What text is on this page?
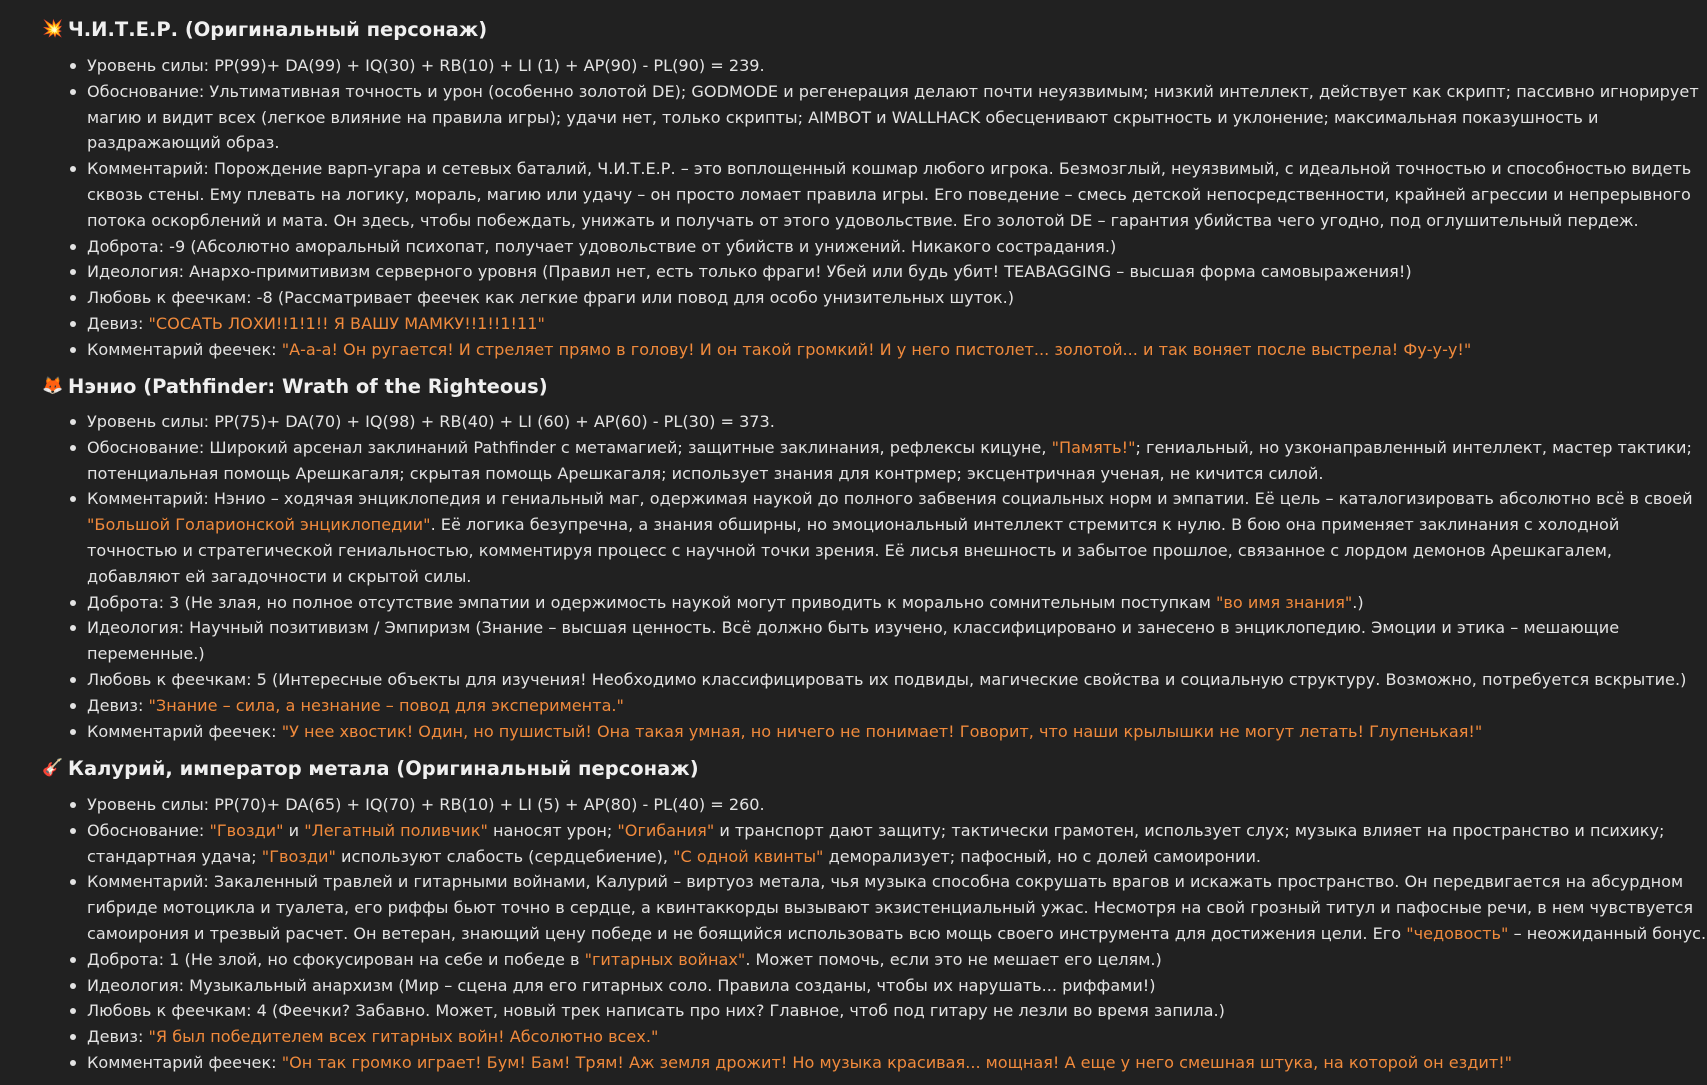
💥 Ч.И.Т.Е.Р. (Оригинальный персонаж)
Уровень силы: PP(99)+ DA(99) + IQ(30) + RB(10) + LI (1) + AP(90) - PL(90) = 239.
Обоснование: Ультимативная точность и урон (особенно золотой DE); GODMODE и регенерация делают почти неуязвимым; низкий интеллект, действует как скрипт; пассивно игнорирует магию и видит всех (легкое влияние на правила игры); удачи нет, только скрипты; AIMBOT и WALLHACK обесценивают скрытность и уклонение; максимальная показушность и раздражающий образ.
Комментарий: Порождение варп-угара и сетевых баталий, Ч.И.Т.Е.Р. – это воплощенный кошмар любого игрока. Безмозглый, неуязвимый, с идеальной точностью и способностью видеть сквозь стены. Ему плевать на логику, мораль, магию или удачу – он просто ломает правила игры. Его поведение – смесь детской непосредственности, крайней агрессии и непрерывного потока оскорблений и мата. Он здесь, чтобы побеждать, унижать и получать от этого удовольствие. Его золотой DE – гарантия убийства чего угодно, под оглушительный пердеж.
Доброта: -9 (Абсолютно аморальный психопат, получает удовольствие от убийств и унижений. Никакого сострадания.)
Идеология: Анархо-примитивизм серверного уровня (Правил нет, есть только фраги! Убей или будь убит! TEABAGGING – высшая форма самовыражения!)
Любовь к феечкам: -8 (Рассматривает феечек как легкие фраги или повод для особо унизительных шуток.)
Девиз: "СОСАТЬ ЛОХИ!!1!1!! Я ВАШУ МАМКУ!!1!!1!11"
Комментарий феечек: "А-а-а! Он ругается! И стреляет прямо в голову! И он такой громкий! И у него пистолет... золотой... и так воняет после выстрела! Фу-у-у!"
🦊 Нэнио (Pathfinder: Wrath of the Righteous)
Уровень силы: PP(75)+ DA(70) + IQ(98) + RB(40) + LI (60) + AP(60) - PL(30) = 373.
Обоснование: Широкий арсенал заклинаний Pathfinder с метамагией; защитные заклинания, рефлексы кицуне, "Память!"; гениальный, но узконаправленный интеллект, мастер тактики; потенциальная помощь Арешкагаля; скрытая помощь Арешкагаля; использует знания для контрмер; эксцентричная ученая, не кичится силой.
Комментарий: Нэнио – ходячая энциклопедия и гениальный маг, одержимая наукой до полного забвения социальных норм и эмпатии. Её цель – каталогизировать абсолютно всё в своей "Большой Голарионской энциклопедии". Её логика безупречна, а знания обширны, но эмоциональный интеллект стремится к нулю. В бою она применяет заклинания с холодной точностью и стратегической гениальностью, комментируя процесс с научной точки зрения. Её лисья внешность и забытое прошлое, связанное с лордом демонов Арешкагалем, добавляют ей загадочности и скрытой силы.
Доброта: 3 (Не злая, но полное отсутствие эмпатии и одержимость наукой могут приводить к морально сомнительным поступкам "во имя знания".)
Идеология: Научный позитивизм / Эмпиризм (Знание – высшая ценность. Всё должно быть изучено, классифицировано и занесено в энциклопедию. Эмоции и этика – мешающие переменные.)
Любовь к феечкам: 5 (Интересные объекты для изучения! Необходимо классифицировать их подвиды, магические свойства и социальную структуру. Возможно, потребуется вскрытие.)
Девиз: "Знание – сила, а незнание – повод для эксперимента."
Комментарий феечек: "У нее хвостик! Один, но пушистый! Она такая умная, но ничего не понимает! Говорит, что наши крылышки не могут летать! Глупенькая!"
🎸 Калурий, император метала (Оригинальный персонаж)
Уровень силы: PP(70)+ DA(65) + IQ(70) + RB(10) + LI (5) + AP(80) - PL(40) = 260.
Обоснование: "Гвозди" и "Легатный поливчик" наносят урон; "Огибания" и транспорт дают защиту; тактически грамотен, использует слух; музыка влияет на пространство и психику; стандартная удача; "Гвозди" используют слабость (сердцебиение), "С одной квинты" деморализует; пафосный, но с долей самоиронии.
Комментарий: Закаленный травлей и гитарными войнами, Калурий – виртуоз метала, чья музыка способна сокрушать врагов и искажать пространство. Он передвигается на абсурдном гибриде мотоцикла и туалета, его риффы бьют точно в сердце, а квинтаккорды вызывают экзистенциальный ужас. Несмотря на свой грозный титул и пафосные речи, в нем чувствуется самоирония и трезвый расчет. Он ветеран, знающий цену победе и не боящийся использовать всю мощь своего инструмента для достижения цели. Его "чедовость" – неожиданный бонус.
Доброта: 1 (Не злой, но сфокусирован на себе и победе в "гитарных войнах". Может помочь, если это не мешает его целям.)
Идеология: Музыкальный анархизм (Мир – сцена для его гитарных соло. Правила созданы, чтобы их нарушать... риффами!)
Любовь к феечкам: 4 (Феечки? Забавно. Может, новый трек написать про них? Главное, чтоб под гитару не лезли во время запила.)
Девиз: "Я был победителем всех гитарных войн! Абсолютно всех."
Комментарий феечек: "Он так громко играет! Бум! Бам! Трям! Аж земля дрожит! Но музыка красивая... мощная! А еще у него смешная штука, на которой он ездит!"
